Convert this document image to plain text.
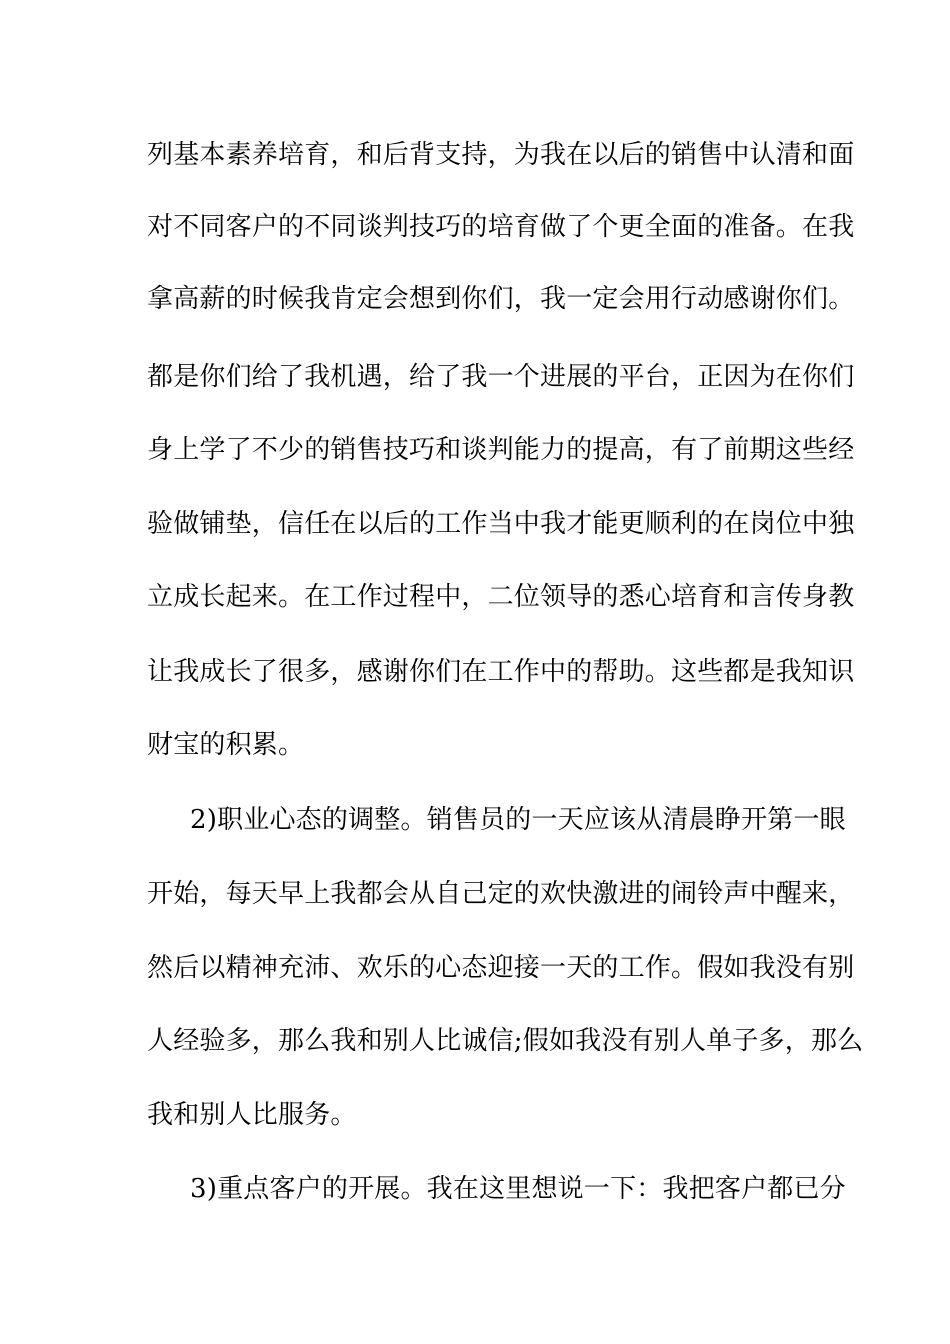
列基本素养培育，和后背支持，为我在以后的销售中认清和面
对不同客户的不同谈判技巧的培育做了个更全面的准备。在我
拿高薪的时候我肯定会想到你们，我一定会用行动感谢你们。
都是你们给了我机遇，给了我一个进展的平台，正因为在你们
身上学了不少的销售技巧和谈判能力的提高，有了前期这些经
验做铺垫，信任在以后的工作当中我才能更顺利的在岗位中独
立成长起来。在工作过程中，二位领导的悉心培育和言传身教
让我成长了很多，感谢你们在工作中的帮助。这些都是我知识
财宝的积累。
2)职业心态的调整。销售员的一天应该从清晨睁开第一眼
开始，每天早上我都会从自己定的欢快激进的闹铃声中醒来，
然后以精神充沛、欢乐的心态迎接一天的工作。假如我没有别
人经验多，那么我和别人比诚信;假如我没有别人单子多，那么
我和别人比服务。
3)重点客户的开展。我在这里想说一下：我把客户都已分
